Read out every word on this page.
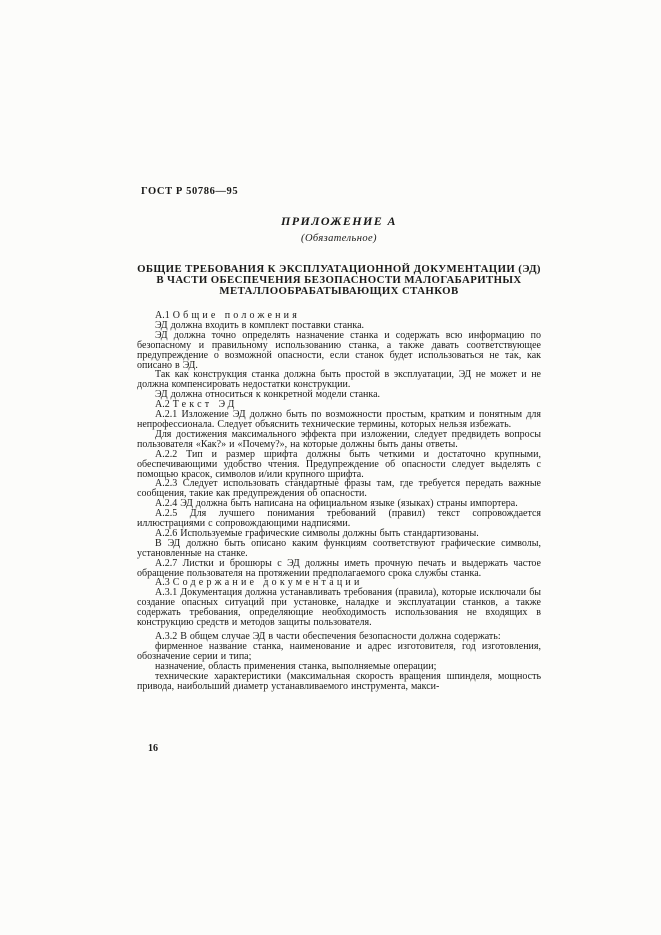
ГОСТ Р 50786—95
ПРИЛОЖЕНИЕ А
(Обязательное)
ОБЩИЕ ТРЕБОВАНИЯ К ЭКСПЛУАТАЦИОННОЙ ДОКУМЕНТАЦИИ (ЭД)
В ЧАСТИ ОБЕСПЕЧЕНИЯ БЕЗОПАСНОСТИ МАЛОГАБАРИТНЫХ
МЕТАЛЛООБРАБАТЫВАЮЩИХ СТАНКОВ

А.1 Общие положения

ЭД должна входить в комплект поставки станка.

ЭД должна точно определять назначение станка и содержать всю информацию по безопасному и правильному использованию станка, а также давать соответствующее предупреждение о возможной опасности, если станок будет использоваться не так, как описано в ЭД.

Так как конструкция станка должна быть простой в эксплуатации, ЭД не может и не должна компенсировать недостатки конструкции.

ЭД должна относиться к конкретной модели станка.

А.2 Текст ЭД

А.2.1 Изложение ЭД должно быть по возможности простым, кратким и понятным для непрофессионала. Следует объяснить технические термины, которых нельзя избежать.

Для достижения максимального эффекта при изложении, следует предвидеть вопросы пользователя «Как?» и «Почему?», на которые должны быть даны ответы.

А.2.2 Тип и размер шрифта должны быть четкими и достаточно крупными, обеспечивающими удобство чтения. Предупреждение об опасности следует выделять с помощью красок, символов и/или крупного шрифта.

А.2.3 Следует использовать стандартные фразы там, где требуется передать важные сообщения, такие как предупреждения об опасности.

А.2.4 ЭД должна быть написана на официальном языке (языках) страны импортера.

А.2.5 Для лучшего понимания требований (правил) текст сопровождается иллюстрациями с сопровождающими надписями.

А.2.6 Используемые графические символы должны быть стандартизованы.

В ЭД должно быть описано каким функциям соответствуют графические символы, установленные на станке.

А.2.7 Листки и брошюры с ЭД должны иметь прочную печать и выдержать частое обращение пользователя на протяжении предполагаемого срока службы станка.

А.3 Содержание документации

А.3.1 Документация должна устанавливать требования (правила), которые исключали бы создание опасных ситуаций при установке, наладке и эксплуатации станков, а также содержать требования, определяющие необходимость использования не входящих в конструкцию средств и методов защиты пользователя.

А.3.2 В общем случае ЭД в части обеспечения безопасности должна содержать:

фирменное название станка, наименование и адрес изготовителя, год изготовления, обозначение серии и типа;

назначение, область применения станка, выполняемые операции;

технические характеристики (максимальная скорость вращения шпинделя, мощность привода, наибольший диаметр устанавливаемого инструмента, макси-

16
